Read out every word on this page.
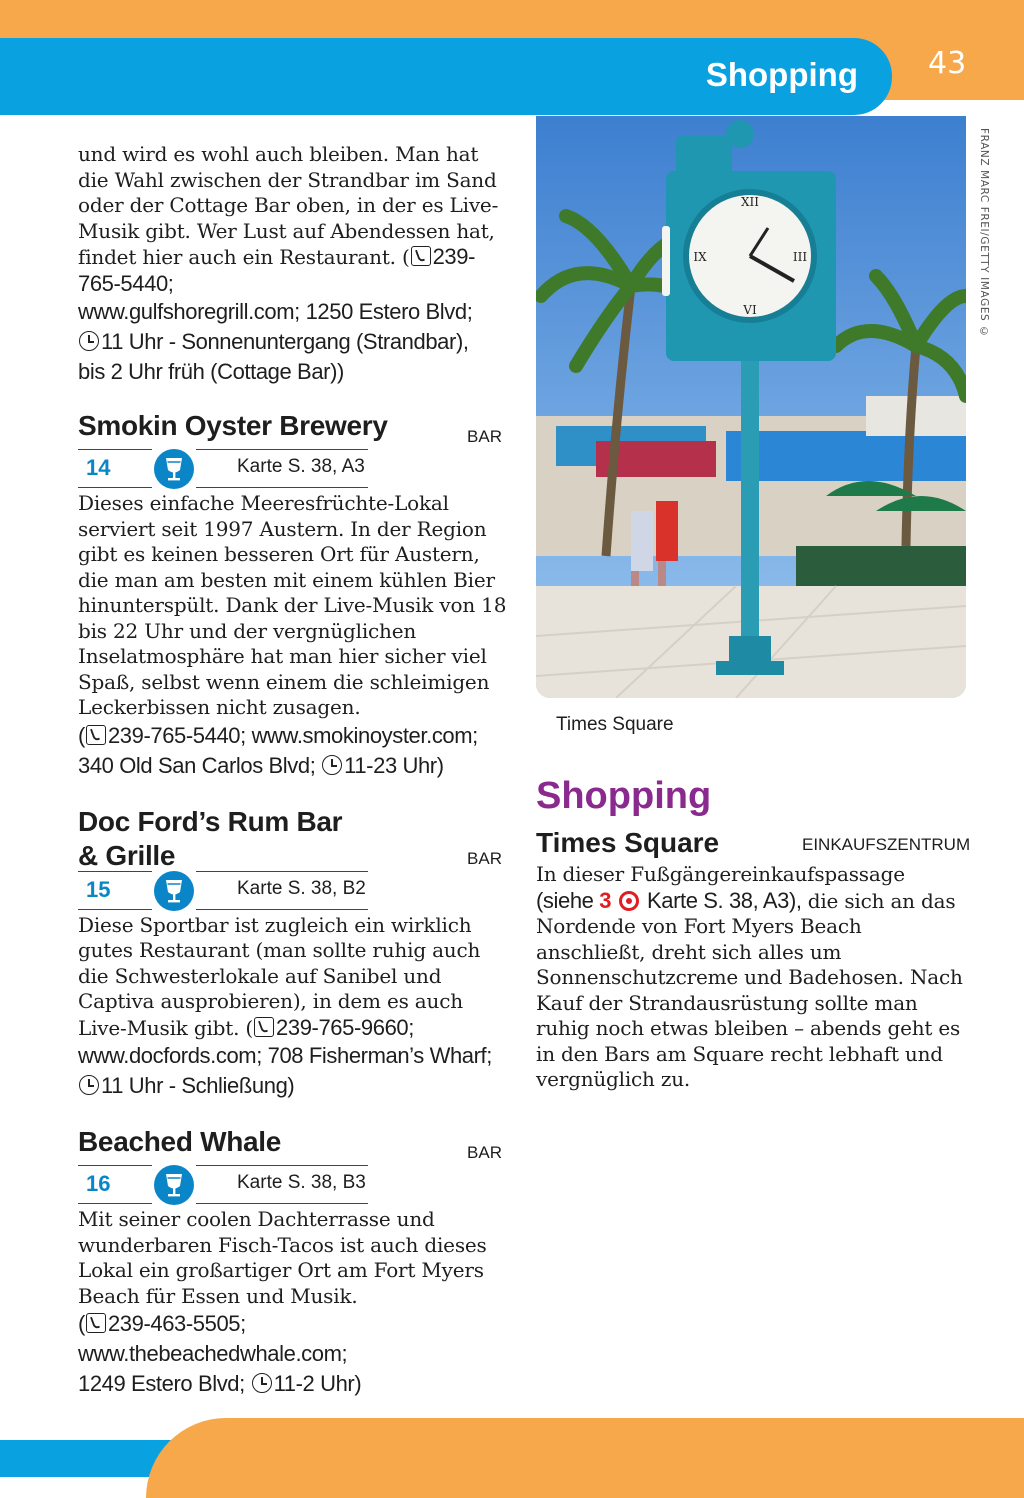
Shopping 43
FRANZ MARC FREI/GETTY IMAGES ©

und wird es wohl auch bleiben. Man hat die Wahl zwischen der Strandbar im Sand oder der Cottage Bar oben, in der es Live-Musik gibt. Wer Lust auf Abendessen hat, findet hier auch ein Restaurant. ( 239-765-5440;

www.gulfshoregrill.com; 1250 Estero Blvd;

11 Uhr - Sonnenuntergang (Strandbar),

bis 2 Uhr früh (Cottage Bar))

Smokin Oyster Brewery	BAR
14	Karte S. 38, A3

Dieses einfache Meeresfrüchte-Lokal serviert seit 1997 Austern. In der Region gibt es keinen besseren Ort für Austern, die man am besten mit einem kühlen Bier hinunterspült. Dank der Live-Musik von 18 bis 22 Uhr und der vergnüglichen Inselatmosphäre hat man hier sicher viel Spaß, selbst wenn einem die schleimigen Leckerbissen nicht zusagen.

( 239-765-5440; www.smokinoyster.com;

340 Old San Carlos Blvd; 11-23 Uhr)

Doc Ford’s Rum Bar
& Grille	BAR
15	Karte S. 38, B2

Diese Sportbar ist zugleich ein wirklich gutes Restaurant (man sollte ruhig auch die Schwesterlokale auf Sanibel und Captiva ausprobieren), in dem es auch Live-Musik gibt. ( 239-765-9660;

www.docfords.com; 708 Fisherman’s Wharf;

11 Uhr - Schließung)

Beached Whale	BAR
16	Karte S. 38, B3

Mit seiner coolen Dachterrasse und wunderbaren Fisch-Tacos ist auch dieses Lokal ein großartiger Ort am Fort Myers Beach für Essen und Musik.

( 239-463-5505;

www.thebeachedwhale.com;

1249 Estero Blvd; 11-2 Uhr)

XII
III
VI
IX

Times Square

Shopping
Times Square	EINKAUFSZENTRUM

In dieser Fußgängereinkaufspassage
(siehe 3  Karte S. 38, A3), die sich an das Nordende von Fort Myers Beach anschließt, dreht sich alles um Sonnenschutzcreme und Badehosen. Nach Kauf der Strandausrüstung sollte man ruhig noch etwas bleiben – abends geht es in den Bars am Square recht lebhaft und vergnüglich zu.
